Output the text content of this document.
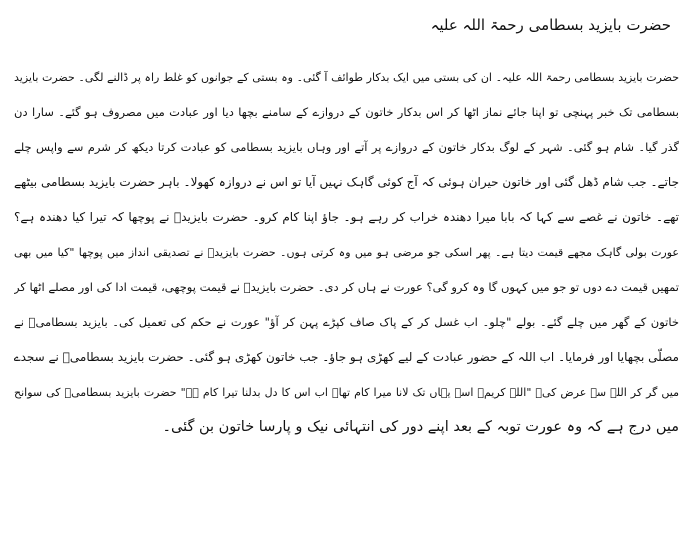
حضرت بایزید بسطامی رحمۃ اللہ علیہ
حضرت بایزید بسطامی رحمۃ اللہ علیہ۔ ان کی بستی میں ایک بدکار طوائف آ گئی۔ وہ بستی کے جوانوں کو غلط راہ پر ڈالنے لگی۔ حضرت بایزید
بسطامی تک خبر پہنچی تو اپنا جائے نماز اٹھا کر اس بدکار خاتون کے دروازے کے سامنے بچھا دیا اور عبادت میں مصروف ہو گئے۔ سارا دن
گذر گیا۔ شام ہو گئی۔ شہر کے لوگ بدکار خاتون کے دروازے پر آتے اور وہاں بایزید بسطامی کو عبادت کرتا دیکھ کر شرم سے واپس چلے
جاتے۔ جب شام ڈھل گئی اور خاتون حیران ہوئی کہ آج کوئی گاہک نہیں آیا تو اس نے دروازہ کھولا۔ باہر حضرت بایزید بسطامی بیٹھے
تھے۔ خاتون نے غصے سے کہا کہ بابا میرا دھندہ خراب کر رہے ہو۔ جاؤ اپنا کام کرو۔ حضرت بایزیدؒ نے پوچھا کہ تیرا کیا دھندہ ہے؟
عورت بولی گاہک مجھے قیمت دیتا ہے۔ پھر اسکی جو مرضی ہو میں وہ کرتی ہوں۔ حضرت بایزیدؒ نے تصدیقی انداز میں پوچھا "کیا میں بھی
تمھیں قیمت دے دوں تو جو میں کہوں گا وہ کرو گی؟ عورت نے ہاں کر دی۔ حضرت بایزیدؒ نے قیمت پوچھی، قیمت ادا کی اور مصلے اٹھا کر
خاتون کے گھر میں چلے گئے۔ بولے "چلو۔ اب غسل کر کے پاک صاف کپڑے پہن کر آؤ" عورت نے حکم کی تعمیل کی۔ بایزید بسطامیؒ نے
مصلّی بچھایا اور فرمایا۔ اب اللہ کے حضور عبادت کے لیے کھڑی ہو جاؤ۔ جب خاتون کھڑی ہو گئی۔ حضرت بایزید بسطامیؒ نے سجدے
میں گر کر اللہ سے عرض کی۔ "اللہ کریم۔ اسے یہاں تک لانا میرا کام تھا۔ اب اس کا دل بدلنا تیرا کام ہے" حضرت بایزید بسطامیؒ کی سوانح
میں درج ہے کہ وہ عورت توبہ کے بعد اپنے دور کی انتہائی نیک و پارسا خاتون بن گئی۔
